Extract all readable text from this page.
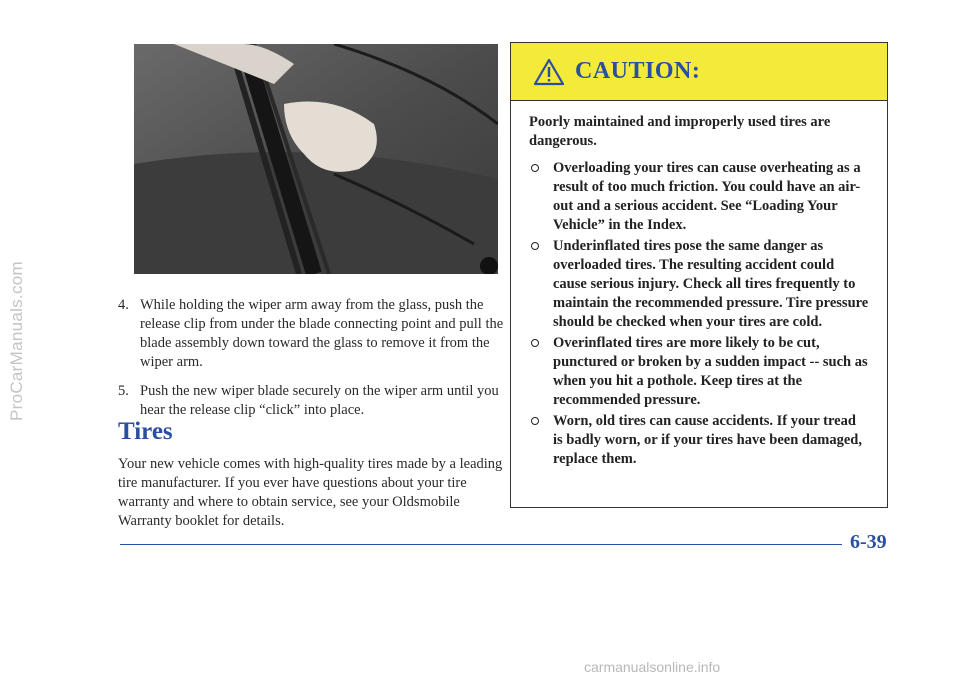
ProCarManuals.com	4. While holding the wiper arm away from the glass, push the release clip from under the blade connecting point and pull the blade assembly down toward the glass to remove it from the wiper arm.
5. Push the new wiper blade securely on the wiper arm until you hear the release clip “click” into place.
Tires

Your new vehicle comes with high-quality tires made by a leading tire manufacturer. If you ever have questions about your tire warranty and where to obtain service, see your Oldsmobile Warranty booklet for details.

CAUTION:

Poorly maintained and improperly used tires are dangerous.

Overloading your tires can cause overheating as a result of too much friction. You could have an air-out and a serious accident. See “Loading Your Vehicle” in the Index.
Underinflated tires pose the same danger as overloaded tires. The resulting accident could cause serious injury. Check all tires frequently to maintain the recommended pressure. Tire pressure should be checked when your tires are cold.
Overinflated tires are more likely to be cut, punctured or broken by a sudden impact -- such as when you hit a pothole. Keep tires at the recommended pressure.
Worn, old tires can cause accidents. If your tread is badly worn, or if your tires have been damaged, replace them.
6-39
carmanualsonline.info
